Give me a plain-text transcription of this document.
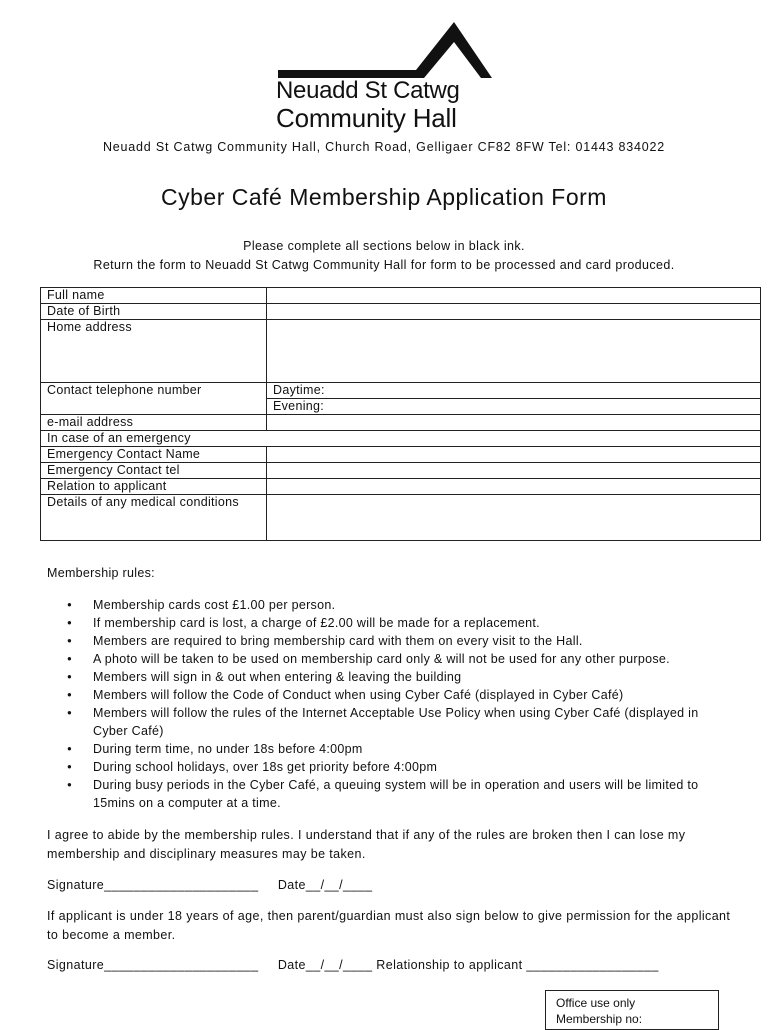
Neuadd St Catwg
Community Hall
Neuadd St Catwg Community Hall, Church Road, Gelligaer CF82 8FW Tel: 01443 834022
Cyber Café Membership Application Form
Please complete all sections below in black ink.
Return the form to Neuadd St Catwg Community Hall for form to be processed and card produced.
Full name	
Date of Birth	
Home address	
Contact telephone number	Daytime:
	Evening:
e-mail address	
In case of an emergency	
Emergency Contact Name	
Emergency Contact tel	
Relation to applicant	
Details of any medical conditions	
Membership rules:
● Membership cards cost £1.00 per person.
● If membership card is lost, a charge of £2.00 will be made for a replacement.
● Members are required to bring membership card with them on every visit to the Hall.
● A photo will be taken to be used on membership card only & will not be used for any other purpose.
● Members will sign in & out when entering & leaving the building
● Members will follow the Code of Conduct when using Cyber Café (displayed in Cyber Café)
● Members will follow the rules of the Internet Acceptable Use Policy when using Cyber Café (displayed in Cyber Café)
● During term time, no under 18s before 4:00pm
● During school holidays, over 18s get priority before 4:00pm
● During busy periods in the Cyber Café, a queuing system will be in operation and users will be limited to 15mins on a computer at a time.
I agree to abide by the membership rules. I understand that if any of the rules are broken then I can lose my membership and disciplinary measures may be taken.
Signature_____________________     Date__/__/____
If applicant is under 18 years of age, then parent/guardian must also sign below to give permission for the applicant to become a member.
Signature_____________________     Date__/__/____ Relationship to applicant __________________
Office use only
Membership no:
